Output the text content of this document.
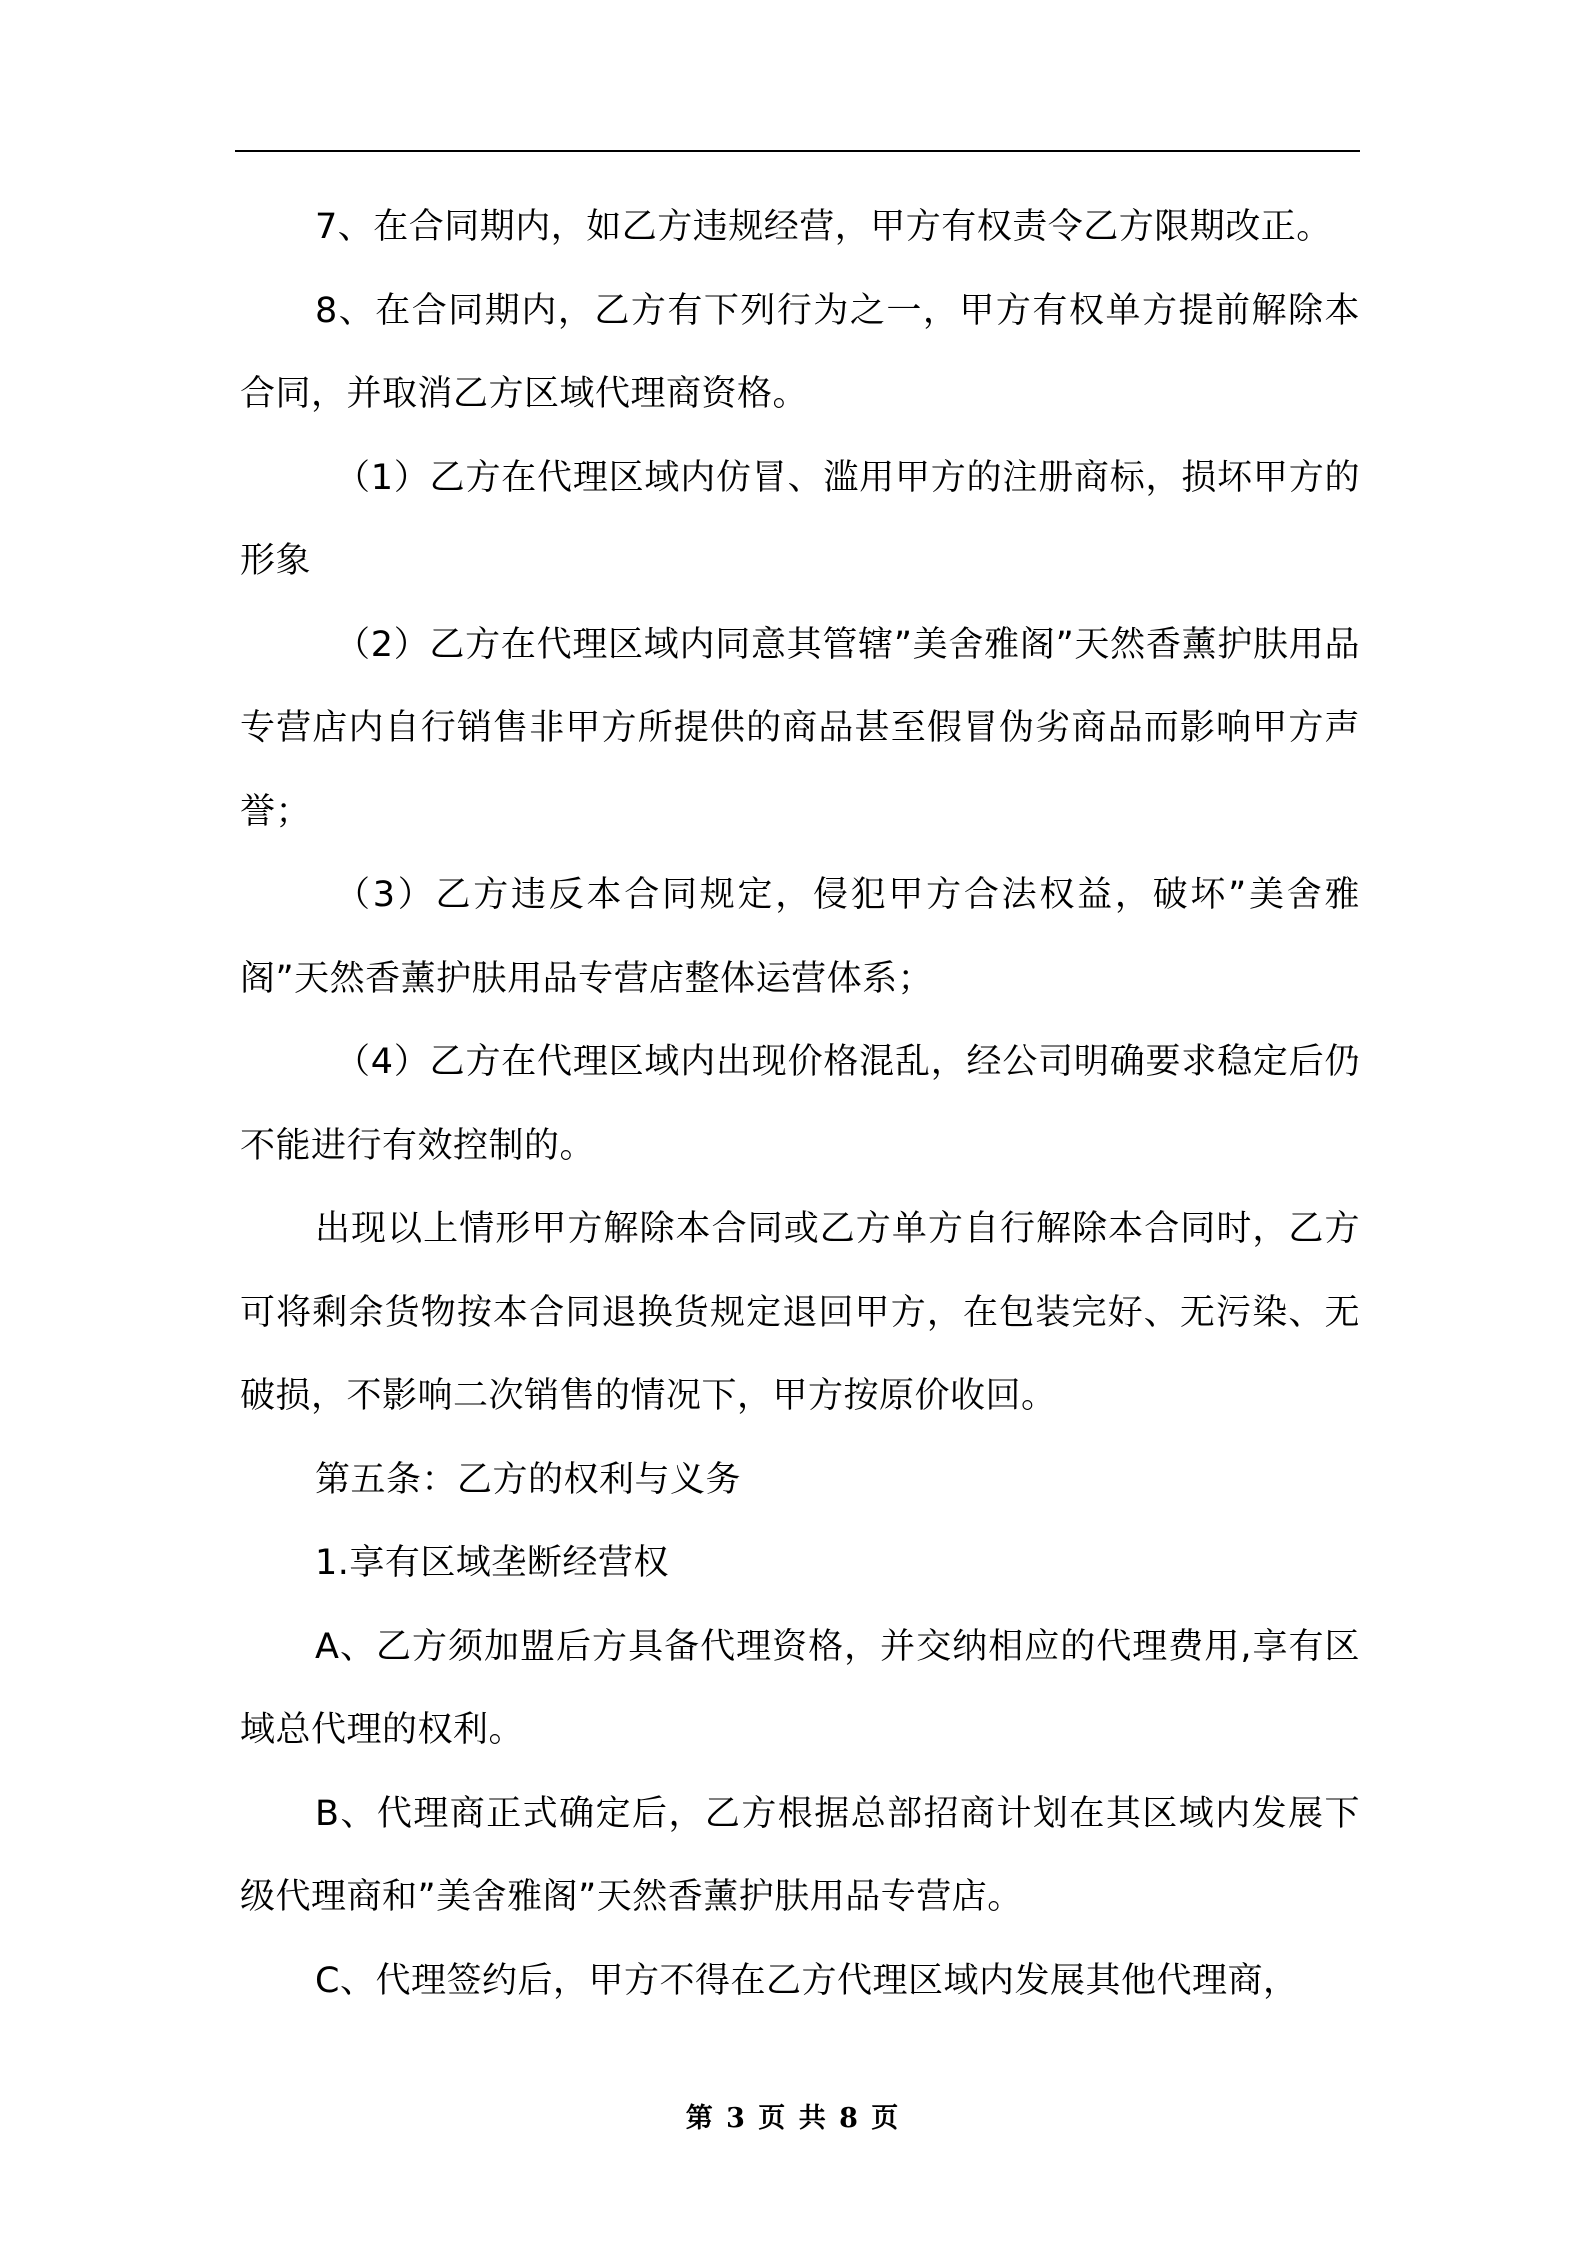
7、在合同期内，如乙方违规经营，甲方有权责令乙方限期改正。

8、在合同期内，乙方有下列行为之一，甲方有权单方提前解除本合同，并取消乙方区域代理商资格。

（1）乙方在代理区域内仿冒、滥用甲方的注册商标，损坏甲方的形象

（2）乙方在代理区域内同意其管辖”美舍雅阁”天然香薰护肤用品专营店内自行销售非甲方所提供的商品甚至假冒伪劣商品而影响甲方声誉；

（3）乙方违反本合同规定，侵犯甲方合法权益，破坏”美舍雅阁”天然香薰护肤用品专营店整体运营体系；

（4）乙方在代理区域内出现价格混乱，经公司明确要求稳定后仍不能进行有效控制的。

出现以上情形甲方解除本合同或乙方单方自行解除本合同时，乙方可将剩余货物按本合同退换货规定退回甲方，在包装完好、无污染、无破损，不影响二次销售的情况下，甲方按原价收回。

第五条：乙方的权利与义务

1.享有区域垄断经营权

A、乙方须加盟后方具备代理资格，并交纳相应的代理费用,享有区域总代理的权利。

B、代理商正式确定后，乙方根据总部招商计划在其区域内发展下级代理商和”美舍雅阁”天然香薰护肤用品专营店。

C、代理签约后，甲方不得在乙方代理区域内发展其他代理商，

第 3 页 共 8 页
